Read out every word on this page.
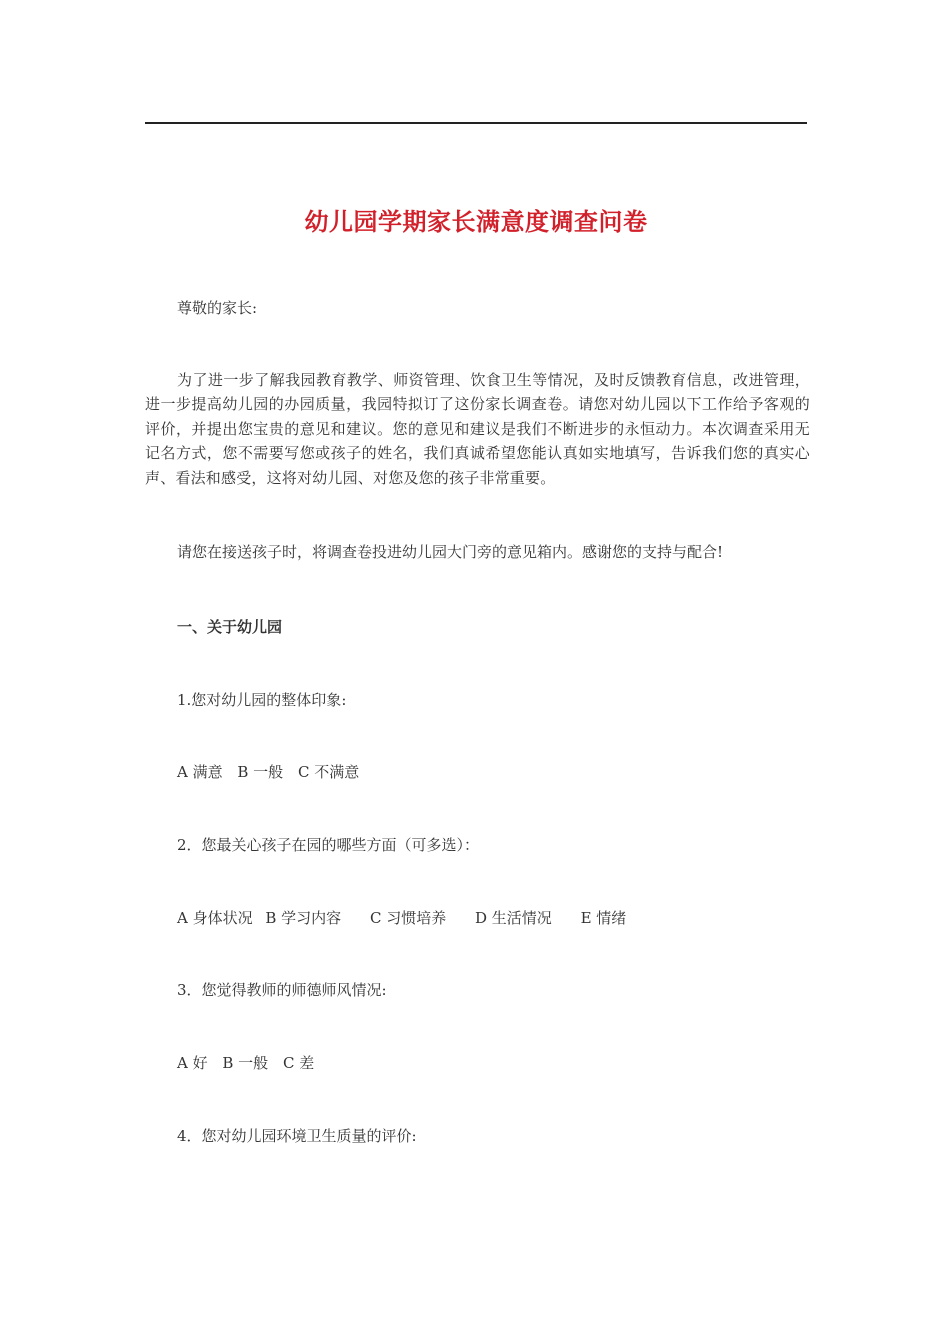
幼儿园学期家长满意度调查问卷
尊敬的家长:
为了进一步了解我园教育教学、师资管理、饮食卫生等情况，及时反馈教育信息，改进管理，进一步提高幼儿园的办园质量，我园特拟订了这份家长调查卷。请您对幼儿园以下工作给予客观的评价，并提出您宝贵的意见和建议。您的意见和建议是我们不断进步的永恒动力。本次调查采用无记名方式，您不需要写您或孩子的姓名，我们真诚希望您能认真如实地填写，告诉我们您的真实心声、看法和感受，这将对幼儿园、对您及您的孩子非常重要。
请您在接送孩子时，将调查卷投进幼儿园大门旁的意见箱内。感谢您的支持与配合!
一、关于幼儿园
1.您对幼儿园的整体印象:
A 满意 B 一般 C 不满意
2．您最关心孩子在园的哪些方面（可多选）：
A 身体状况 B 学习内容 C 习惯培养 D 生活情况 E 情绪
3．您觉得教师的师德师风情况:
A 好 B 一般 C 差
4．您对幼儿园环境卫生质量的评价:
